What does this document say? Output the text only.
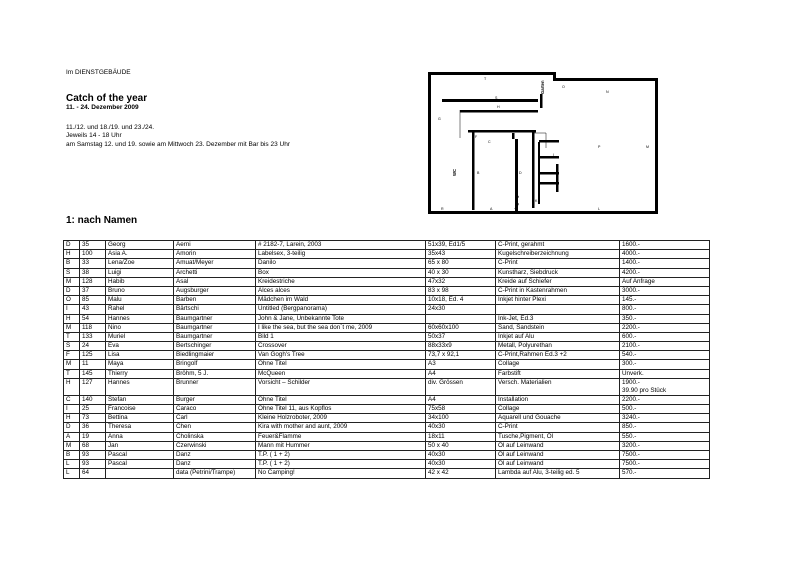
Im DIENSTGEBÄUDE
Catch of the year
11. - 24. Dezember 2009
11./12. und 18./19. und 23./24.
Jeweils 14 - 18 Uhr
am Samstag 12. und 19. sowie am Mittwoch 23. Dezember mit Bar bis 23 Uhr
T
O
N
S
H
G
F
C
E
I
P	M
B	D
A
K
L
R
Garten
WC
Eingang
1: nach Namen
D	35	Georg	Aerni	# 2182-7, Larein, 2003	51x39, Ed1/5	C-Print, gerahmt	1600.-
H	100	Asia A.	Amorin	Labelsex, 3-teilig	35x43	Kugelschreiberzeichnung	4000.-
B	33	Lena/Zoe	Amuat/Meyer	Danilo	65 x 80	C-Print	1400.-
S	38	Luigi	Archetti	Box	40 x 30	Kunstharz, Siebdruck	4200.-
M	128	Habib	Asal	Kreidestriche	47x32	Kreide auf Schiefer	Auf Anfrage
D	37	Bruno	Augsburger	Alces alces	83 x 98	C-Print in Kastenrahmen	3000.-
O	85	Malu	Barben	Mädchen im Wald	10x18, Ed. 4	Inkjet hinter Plexi	145.-
I	43	Rahel	Bärtschi	Untitled (Bergpanorama)	24x30		800.-
H	54	Hannes	Baumgartner	John & Jane, Unbekannte Tote		Ink-Jet, Ed.3	350.-
M	118	Nino	Baumgartner	I like the sea, but the sea don´t me, 2009	60x60x100	Sand, Sandstein	2200.-
T	133	Muriel	Baumgartner	Bild 1	50x37	Inkjet auf Alu	600.-
S	24	Eva	Bertschinger	Crossover	88x33x9	Metall, Polyurethan	2100.-
F	125	Lisa	Biedlingmaier	Van Gogh's Tree	73,7 x 92,1	C-Print,Rahmen Ed.3 +2	540.-
M	11	Maya	Bringolf	Ohne Titel	A3	Collage	300.-
T	145	Thierry	Bröhm, 5 J.	McQueen	A4	Farbstift	Unverk.
H	127	Hannes	Brunner	Vorsicht – Schilder	div. Grössen	Versch. Materialien	1900.-
39.90 pro Stück

C	140	Stefan	Burger	Ohne Titel	A4	Installation	2200.-
I	25	Francoise	Caraco	Ohne Titel 11, aus Kopflos	75x58	Collage	500.-
H	73	Bettina	Carl	Kleine Holzroboter, 2009	34x100	Aquarell und Gouache	3240.-
D	36	Theresa	Chen	Kira with mother and aunt, 2009	40x30	C-Print	850.-
A	19	Anna	Cholinska	Feuer&Flamme	18x11	Tusche,Pigment, Öl	550.-
M	68	Jan	Czerwinski	Mann mit Hummer	50 x 40	Öl auf Leinwand	3200.-
B	93	Pascal	Danz	T.P. ( 1 + 2)	40x30	Öl auf Leinwand	7500.-
L	93	Pascal	Danz	T.P. ( 1 + 2)	40x30	Öl auf Leinwand	7500.-
L	64		data (Petrini/Trampe)	No Camping!	42 x 42	Lambda auf Alu, 3-teilig ed. 5	570.-
